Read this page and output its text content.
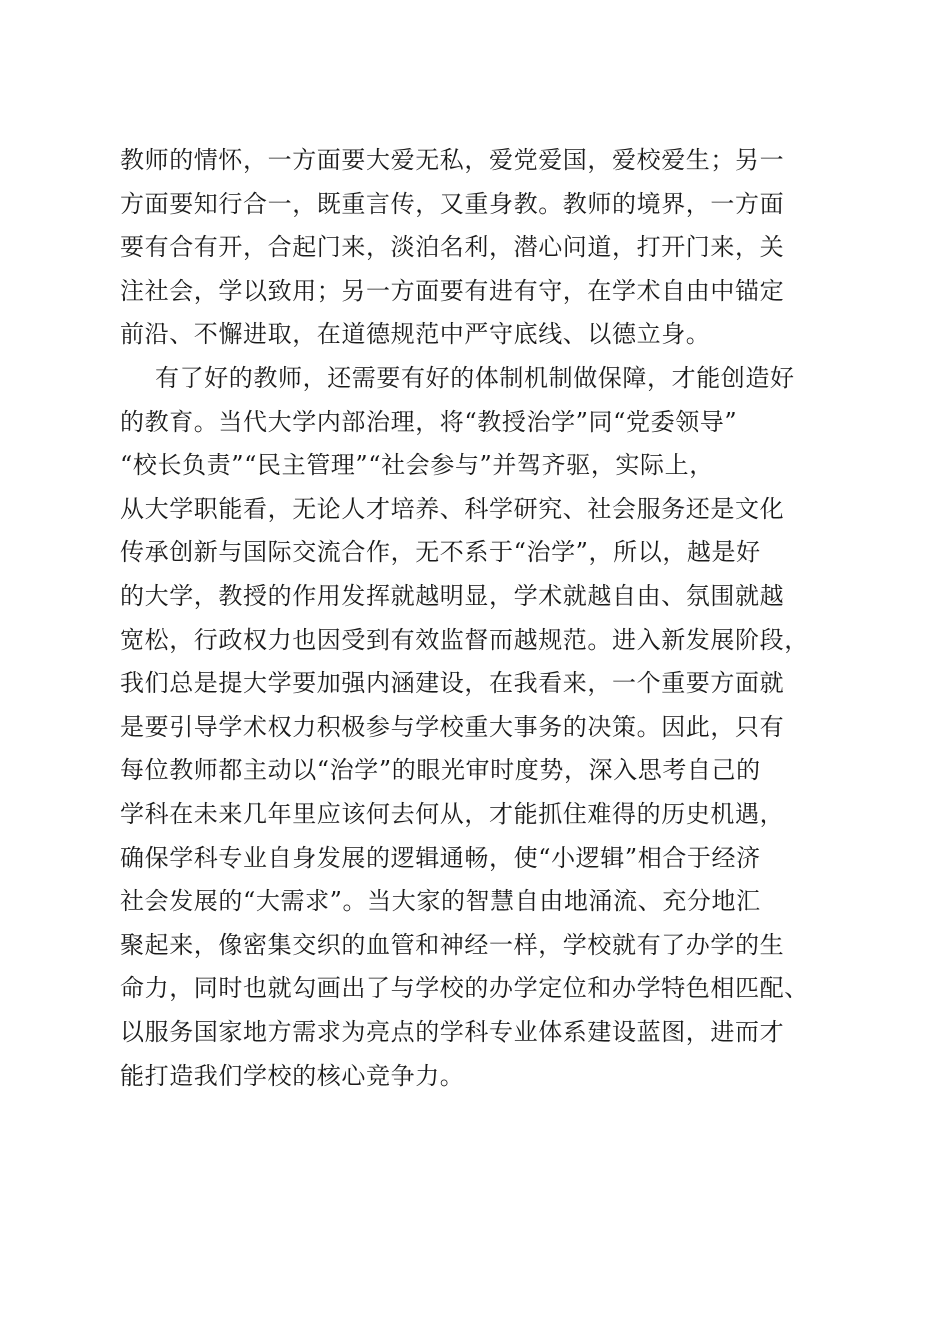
教师的情怀，一方面要大爱无私，爱党爱国，爱校爱生；另一
方面要知行合一，既重言传，又重身教。教师的境界，一方面
要有合有开，合起门来，淡泊名利，潜心问道，打开门来，关
注社会，学以致用；另一方面要有进有守，在学术自由中锚定
前沿、不懈进取，在道德规范中严守底线、以德立身。
有了好的教师，还需要有好的体制机制做保障，才能创造好
的教育。当代大学内部治理，将“教授治学”同“党委领导”
“校长负责”“民主管理”“社会参与”并驾齐驱，实际上，
从大学职能看，无论人才培养、科学研究、社会服务还是文化
传承创新与国际交流合作，无不系于“治学”，所以，越是好
的大学，教授的作用发挥就越明显，学术就越自由、氛围就越
宽松，行政权力也因受到有效监督而越规范。进入新发展阶段，
我们总是提大学要加强内涵建设，在我看来，一个重要方面就
是要引导学术权力积极参与学校重大事务的决策。因此，只有
每位教师都主动以“治学”的眼光审时度势，深入思考自己的
学科在未来几年里应该何去何从，才能抓住难得的历史机遇，
确保学科专业自身发展的逻辑通畅，使“小逻辑”相合于经济
社会发展的“大需求”。当大家的智慧自由地涌流、充分地汇
聚起来，像密集交织的血管和神经一样，学校就有了办学的生
命力，同时也就勾画出了与学校的办学定位和办学特色相匹配、
以服务国家地方需求为亮点的学科专业体系建设蓝图，进而才
能打造我们学校的核心竞争力。
